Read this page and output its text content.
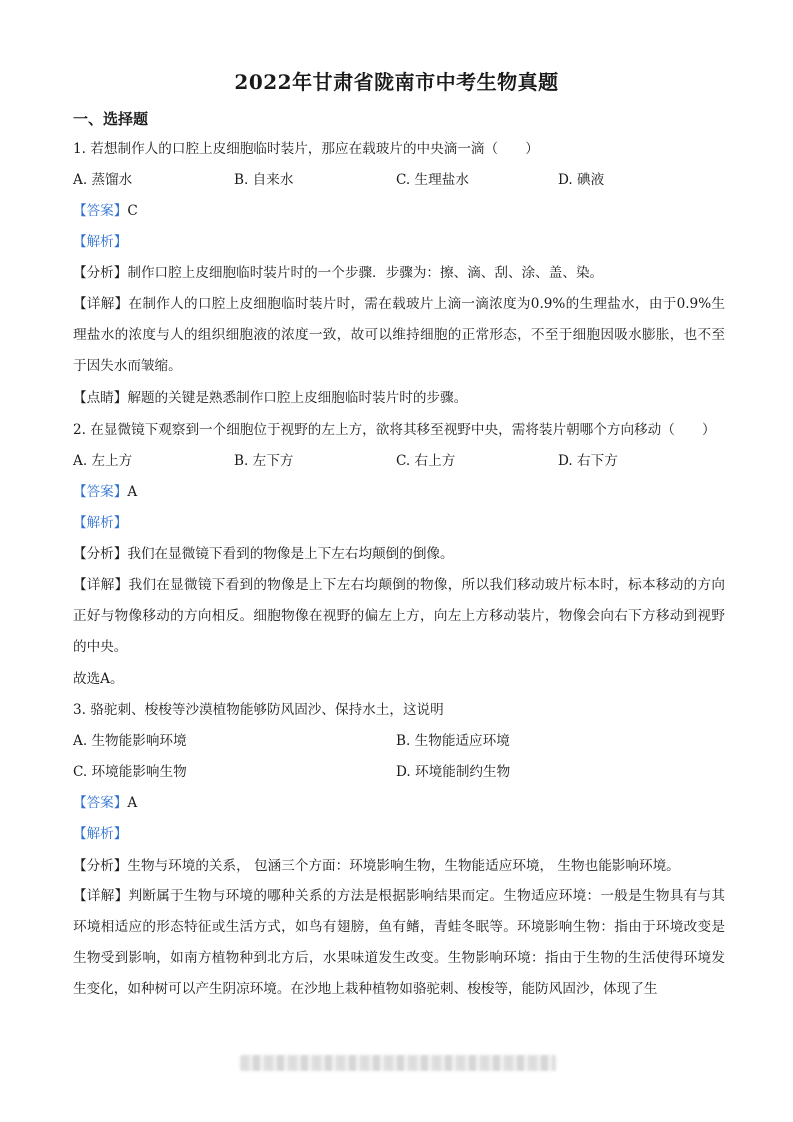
2022年甘肃省陇南市中考生物真题
一、选择题
1. 若想制作人的口腔上皮细胞临时装片，那应在载玻片的中央滴一滴（　　）
A. 蒸馏水	B. 自来水	C. 生理盐水	D. 碘液
【答案】C
【解析】
【分析】制作口腔上皮细胞临时装片时的一个步骤．步骤为：擦、滴、刮、涂、盖、染。
【详解】在制作人的口腔上皮细胞临时装片时，需在载玻片上滴一滴浓度为0.9%的生理盐水，由于0.9%生理盐水的浓度与人的组织细胞液的浓度一致，故可以维持细胞的正常形态，不至于细胞因吸水膨胀，也不至于因失水而皱缩。
【点睛】解题的关键是熟悉制作口腔上皮细胞临时装片时的步骤。
2. 在显微镜下观察到一个细胞位于视野的左上方，欲将其移至视野中央，需将装片朝哪个方向移动（　　）
A. 左上方	B. 左下方	C. 右上方	D. 右下方
【答案】A
【解析】
【分析】我们在显微镜下看到的物像是上下左右均颠倒的倒像。
【详解】我们在显微镜下看到的物像是上下左右均颠倒的物像，所以我们移动玻片标本时，标本移动的方向正好与物像移动的方向相反。细胞物像在视野的偏左上方，向左上方移动装片，物像会向右下方移动到视野的中央。
故选A。
3. 骆驼刺、梭梭等沙漠植物能够防风固沙、保持水土，这说明
A. 生物能影响环境	B. 生物能适应环境
C. 环境能影响生物	D. 环境能制约生物
【答案】A
【解析】
【分析】生物与环境的关系， 包涵三个方面：环境影响生物，生物能适应环境， 生物也能影响环境。
【详解】判断属于生物与环境的哪种关系的方法是根据影响结果而定。生物适应环境：一般是生物具有与其环境相适应的形态特征或生活方式，如鸟有翅膀，鱼有鳍，青蛙冬眠等。环境影响生物：指由于环境改变是生物受到影响，如南方植物种到北方后，水果味道发生改变。生物影响环境：指由于生物的生活使得环境发生变化，如种树可以产生阴凉环境。在沙地上栽种植物如骆驼刺、梭梭等，能防风固沙，体现了生
